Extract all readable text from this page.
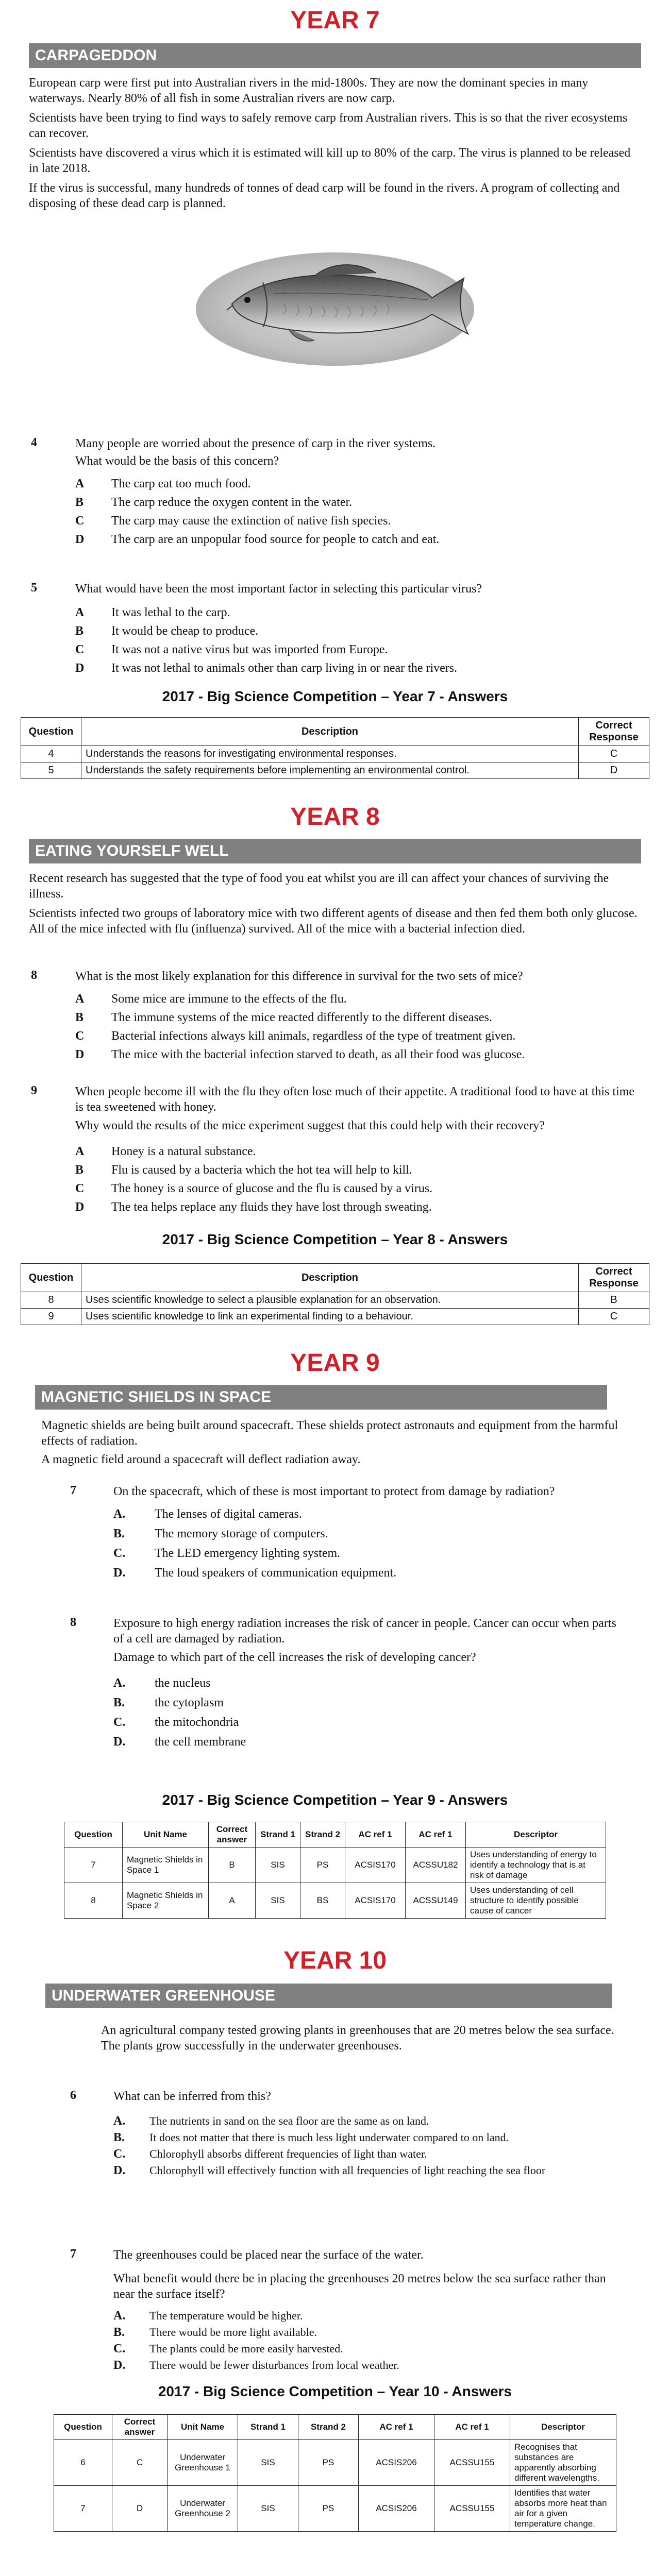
YEAR 7
CARPAGEDDON
European carp were first put into Australian rivers in the mid-1800s. They are now the dominant species in many waterways. Nearly 80% of all fish in some Australian rivers are now carp.
Scientists have been trying to find ways to safely remove carp from Australian rivers. This is so that the river ecosystems can recover.
Scientists have discovered a virus which it is estimated will kill up to 80% of the carp. The virus is planned to be released in late 2018.
If the virus is successful, many hundreds of tonnes of dead carp will be found in the rivers. A program of collecting and disposing of these dead carp is planned.
4	Many people are worried about the presence of carp in the river systems.
What would be the basis of this concern?
A The carp eat too much food.
B The carp reduce the oxygen content in the water.
C The carp may cause the extinction of native fish species.
D The carp are an unpopular food source for people to catch and eat.
5	What would have been the most important factor in selecting this particular virus?
A It was lethal to the carp.
B It would be cheap to produce.
C It was not a native virus but was imported from Europe.
D It was not lethal to animals other than carp living in or near the rivers.
2017 - Big Science Competition – Year 7 - Answers
Question	Description	Correct Response
4	Understands the reasons for investigating environmental responses.	C
5	Understands the safety requirements before implementing an environmental control.	D
YEAR 8
EATING YOURSELF WELL
Recent research has suggested that the type of food you eat whilst you are ill can affect your chances of surviving the illness.
Scientists infected two groups of laboratory mice with two different agents of disease and then fed them both only glucose. All of the mice infected with flu (influenza) survived. All of the mice with a bacterial infection died.
8	What is the most likely explanation for this difference in survival for the two sets of mice?
A Some mice are immune to the effects of the flu.
B The immune systems of the mice reacted differently to the different diseases.
C Bacterial infections always kill animals, regardless of the type of treatment given.
D The mice with the bacterial infection starved to death, as all their food was glucose.
9	When people become ill with the flu they often lose much of their appetite. A traditional food to have at this time is tea sweetened with honey.
Why would the results of the mice experiment suggest that this could help with their recovery?
A Honey is a natural substance.
B Flu is caused by a bacteria which the hot tea will help to kill.
C The honey is a source of glucose and the flu is caused by a virus.
D The tea helps replace any fluids they have lost through sweating.
2017 - Big Science Competition – Year 8 - Answers
Question	Description	Correct Response
8	Uses scientific knowledge to select a plausible explanation for an observation.	B
9	Uses scientific knowledge to link an experimental finding to a behaviour.	C
YEAR 9
MAGNETIC SHIELDS IN SPACE
Magnetic shields are being built around spacecraft. These shields protect astronauts and equipment from the harmful effects of radiation.
A magnetic field around a spacecraft will deflect radiation away.
7	On the spacecraft, which of these is most important to protect from damage by radiation?
A. The lenses of digital cameras.
B. The memory storage of computers.
C. The LED emergency lighting system.
D. The loud speakers of communication equipment.
8	Exposure to high energy radiation increases the risk of cancer in people. Cancer can occur when parts of a cell are damaged by radiation.
Damage to which part of the cell increases the risk of developing cancer?
A. the nucleus
B. the cytoplasm
C. the mitochondria
D. the cell membrane
2017 - Big Science Competition – Year 9 - Answers
Question	Unit Name	Correct answer	Strand 1	Strand 2	AC ref 1	AC ref 1	Descriptor
7	Magnetic Shields in Space 1	B	SIS	PS	ACSIS170	ACSSU182	Uses understanding of energy to identify a technology that is at risk of damage
8	Magnetic Shields in Space 2	A	SIS	BS	ACSIS170	ACSSU149	Uses understanding of cell structure to identify possible cause of cancer
YEAR 10
UNDERWATER GREENHOUSE
An agricultural company tested growing plants in greenhouses that are 20 metres below the sea surface. The plants grow successfully in the underwater greenhouses.
6	What can be inferred from this?
A. The nutrients in sand on the sea floor are the same as on land.
B. It does not matter that there is much less light underwater compared to on land.
C. Chlorophyll absorbs different frequencies of light than water.
D. Chlorophyll will effectively function with all frequencies of light reaching the sea floor
7	The greenhouses could be placed near the surface of the water.
What benefit would there be in placing the greenhouses 20 metres below the sea surface rather than near the surface itself?
A. The temperature would be higher.
B. There would be more light available.
C. The plants could be more easily harvested.
D. There would be fewer disturbances from local weather.
2017 - Big Science Competition – Year 10 - Answers
Question	Correct answer	Unit Name	Strand 1	Strand 2	AC ref 1	AC ref 1	Descriptor
6	C	Underwater Greenhouse 1	SIS	PS	ACSIS206	ACSSU155	Recognises that substances are apparently absorbing different wavelengths.
7	D	Underwater Greenhouse 2	SIS	PS	ACSIS206	ACSSU155	Identifies that water absorbs more heat than air for a given temperature change.
